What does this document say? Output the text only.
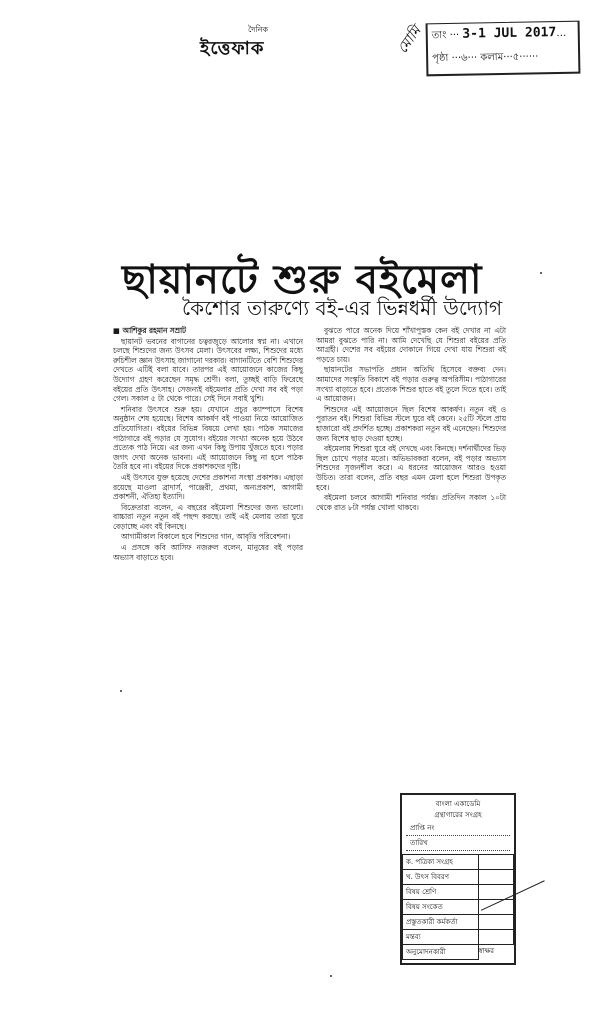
দৈনিক
ইত্তেফাক	মোমি তাং ··· 3-1 JUL 2017…
পৃষ্ঠা ···৬··· কলাম···৫······
ছায়ানটে শুরু বইমেলা
কৈশোর তারুণ্যে বই-এর ভিন্নধর্মী উদ্যোগ

■ আশিকুর রহমান সম্রাট

ছায়ানট ভবনের বাগানের চত্বরজুড়ে আলোর স্বপ্ন না। এখানে চলছে শিশুদের জন্য উৎসব মেলা। উৎসবের লক্ষ্য, শিশুদের মধ্যে রুচিশীল জ্ঞান উৎসাহ জাগানো দরকার। বাগানটিতে বেশি শিশুদের দেখতে এটিই বলা যাবে। তারপর এই আয়োজনে কাজের কিছু উদ্যোগ গ্রহণ করেছেন সমৃদ্ধ শ্রেণী। বলা, তুচ্ছই বাড়ি ফিরেছে বইয়ের প্রতি উৎসাহ। সেজন্যই বইমেলার প্রতি দেখা সব বই পড়া গেল। সকাল ৫ টা থেকে পারে। সেই দিনে সবাই খুশি।

শনিবার উৎসবে শুরু হয়। যেখানে প্রচুর ক্যাম্পাসে বিশেষ অনুষ্ঠান শেষ হয়েছে। বিশেষ আকর্ষণ বই পাওয়া নিয়ে আয়োজিত প্রতিযোগিতা। বইয়ের বিভিন্ন বিষয়ে লেখা হয়। পাঠক সমাজের পাঠাগারে বই পড়ার যে সুযোগ। বইয়ের সংখ্যা অনেক হয়ে উঠবে প্রত্যেক পাঠ নিয়ে। এর জন্য এখন কিছু উপায় খুঁজতে হবে। পড়ার জগৎ দেখা অনেক ভাবনা। এই আয়োজনে কিছু না হলে পাঠক তৈরি হবে না। বইয়ের দিকে প্রকাশকদের দৃষ্টি।

এই উৎসবে যুক্ত হয়েছে দেশের প্রকাশনা সংস্থা প্রকাশক। এছাড়া রয়েছে মাওলা ব্রাদার্স, পাঞ্জেরী, প্রথমা, অন্যপ্রকাশ, আগামী প্রকাশনী, ঐতিহ্য ইত্যাদি।

বিক্রেতারা বলেন, এ বছরের বইমেলা শিশুদের জন্য ভালো। বাচ্চারা নতুন নতুন বই পছন্দ করছে। তাই এই মেলায় তারা ঘুরে বেড়াচ্ছে এবং বই কিনছে।

আগামীকাল বিকালে হবে শিশুদের গান, আবৃত্তি পরিবেশনা।

এ প্রসঙ্গে কবি আসিফ নজরুল বলেন, মানুষের বই পড়ার অভ্যাস বাড়াতে হবে।

বুঝতে পারে অনেক দিয়ে শাঁখাপুস্তক কেন বই দেখার না এটা আমরা বুঝতে পারি না। আমি দেখেছি যে শিশুরা বইয়ের প্রতি আগ্রহী। দেশের সব বইয়ের দোকানে গিয়ে দেখা যায় শিশুরা বই পড়তে চায়।

ছায়ানটের সভাপতি প্রধান অতিথি হিসেবে বক্তব্য দেন। আমাদের সংস্কৃতি বিকাশে বই পড়ার গুরুত্ব অপরিসীম। পাঠাগারের সংখ্যা বাড়াতে হবে। প্রত্যেক শিশুর হাতে বই তুলে দিতে হবে। তাই এ আয়োজন।

শিশুদের এই আয়োজনে ছিল বিশেষ আকর্ষণ। নতুন বই ও পুরাতন বই। শিশুরা বিভিন্ন স্টলে ঘুরে বই কেনে। ২৫টি স্টলে প্রায় হাজারো বই প্রদর্শিত হচ্ছে। প্রকাশকরা নতুন বই এনেছেন। শিশুদের জন্য বিশেষ ছাড় দেওয়া হচ্ছে।

বইমেলায় শিশুরা ঘুরে বই দেখছে এবং কিনছে। দর্শনার্থীদের ভিড় ছিল চোখে পড়ার মতো। অভিভাবকরা বলেন, বই পড়ার অভ্যাস শিশুদের সৃজনশীল করে। এ ধরনের আয়োজন আরও হওয়া উচিত। তারা বলেন, প্রতি বছর এমন মেলা হলে শিশুরা উপকৃত হবে।

বইমেলা চলবে আগামী শনিবার পর্যন্ত। প্রতিদিন সকাল ১০টা থেকে রাত ৮টা পর্যন্ত খোলা থাকবে।

বাংলা একাডেমি
গ্রন্থাগারের সংগ্রহ
প্রাপ্তি নং
তারিখ
ক. পত্রিকা সংগ্রহ	
খ. উৎস বিবরণ	
বিষয় শ্রেণি	
বিষয় সংকেত	
প্রস্তুতকারী কর্মকর্তা	
মন্তব্য	
অনুমোদনকারী		স্বাক্ষর
